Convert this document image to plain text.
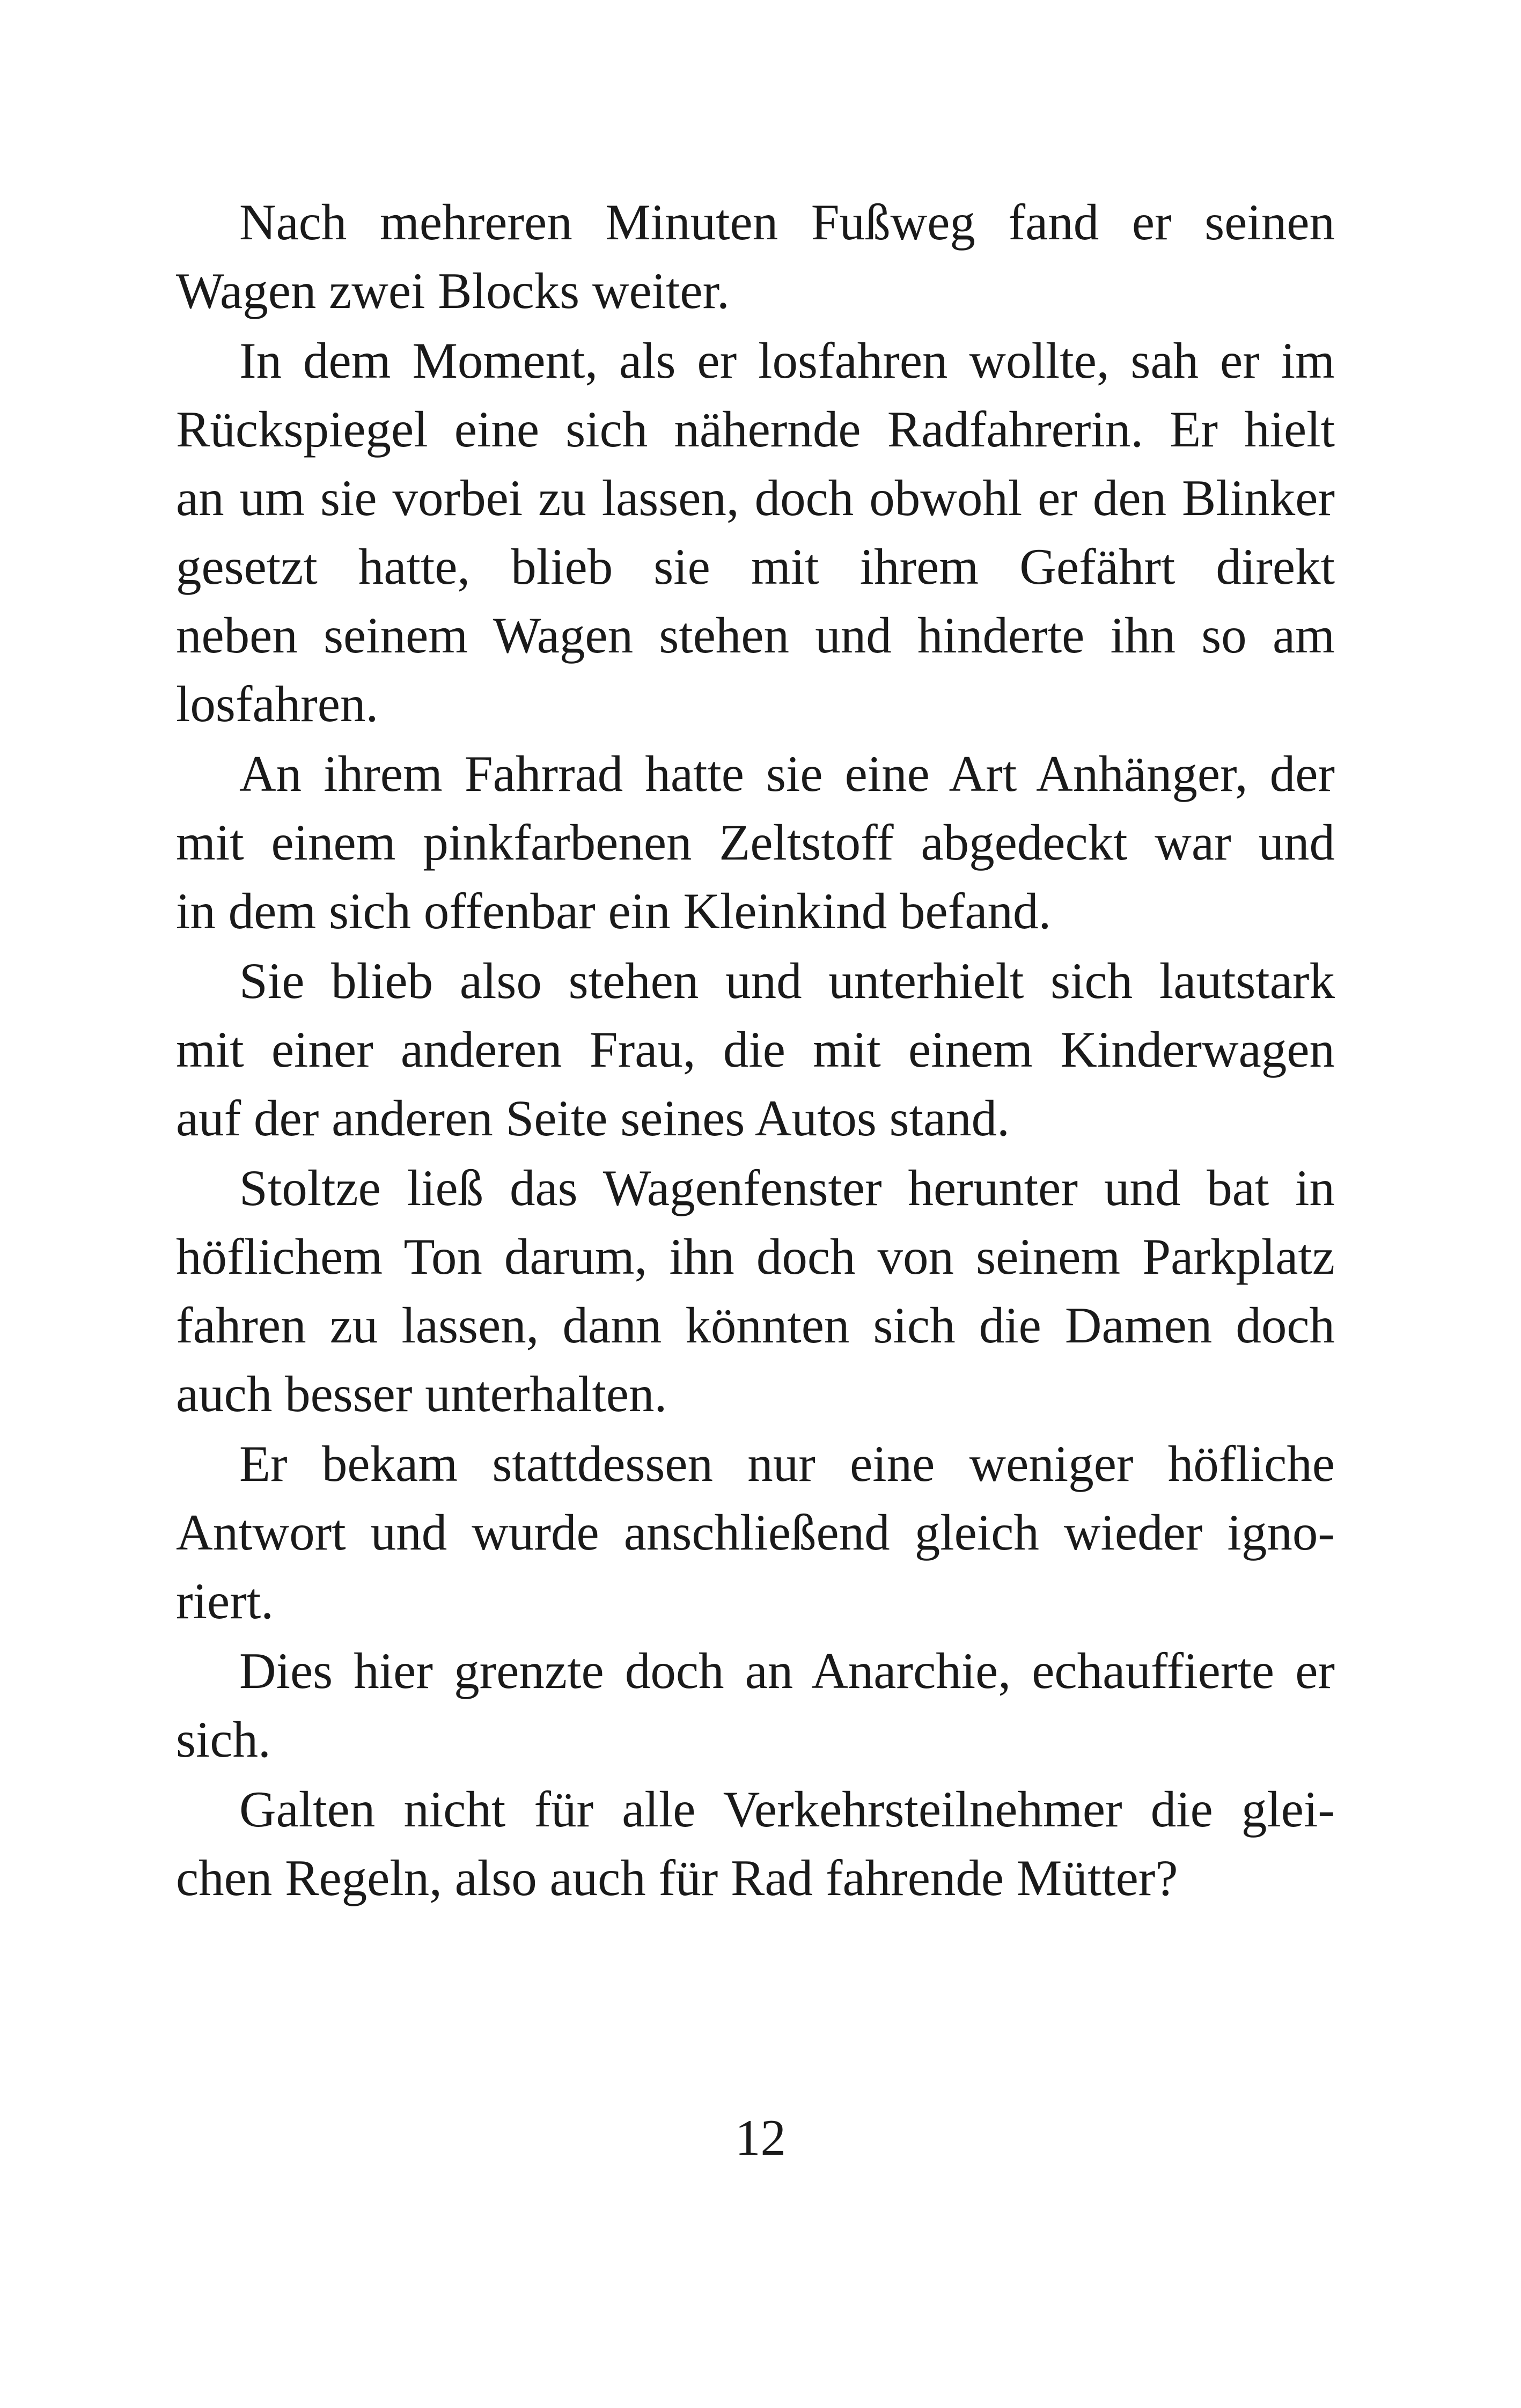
Nach mehreren Minuten Fußweg fand er seinen
Wagen zwei Blocks weiter.
In dem Moment, als er losfahren wollte, sah er im
Rückspiegel eine sich nähernde Radfahrerin. Er hielt
an um sie vorbei zu lassen, doch obwohl er den Blinker
gesetzt hatte, blieb sie mit ihrem Gefährt direkt
neben seinem Wagen stehen und hinderte ihn so am
losfahren.
An ihrem Fahrrad hatte sie eine Art Anhänger, der
mit einem pinkfarbenen Zeltstoff abgedeckt war und
in dem sich offenbar ein Kleinkind befand.
Sie blieb also stehen und unterhielt sich lautstark
mit einer anderen Frau, die mit einem Kinderwagen
auf der anderen Seite seines Autos stand.
Stoltze ließ das Wagenfenster herunter und bat in
höflichem Ton darum, ihn doch von seinem Parkplatz
fahren zu lassen, dann könnten sich die Damen doch
auch besser unterhalten.
Er bekam stattdessen nur eine weniger höfliche
Antwort und wurde anschließend gleich wieder igno-
riert.
Dies hier grenzte doch an Anarchie, echauffierte er
sich.
Galten nicht für alle Verkehrsteilnehmer die glei-
chen Regeln, also auch für Rad fahrende Mütter?
12
